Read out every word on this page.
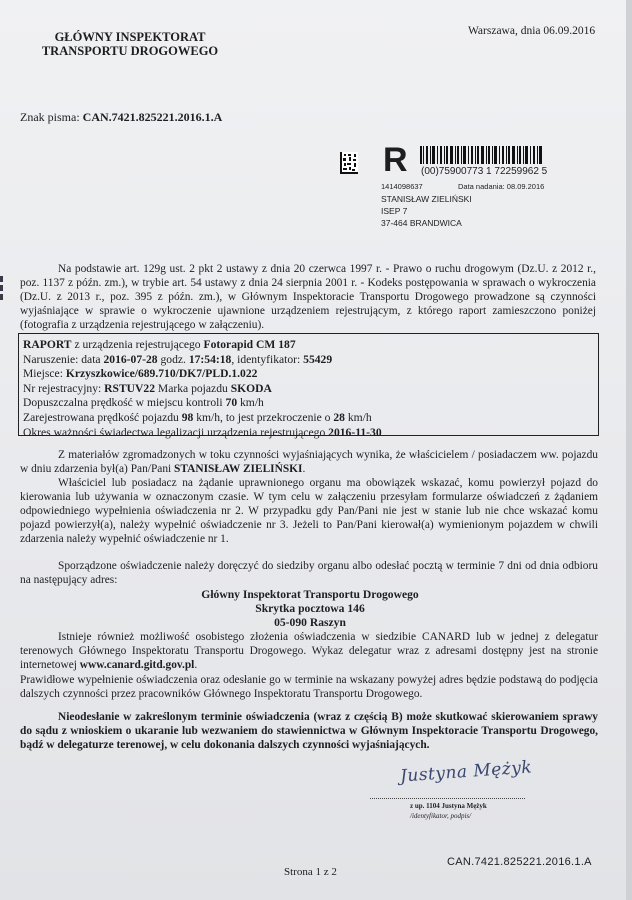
GŁÓWNY INSPEKTORAT
TRANSPORTU DROGOWEGO
Warszawa, dnia 06.09.2016
Znak pisma: CAN.7421.825221.2016.1.A
R (00)75900773 1 72259962 5
1414098637	Data nadania: 08.09.2016
STANISŁAW ZIELIŃSKI
ISEP 7
37-464 BRANDWICA
Na podstawie art. 129g ust. 2 pkt 2 ustawy z dnia 20 czerwca 1997 r. - Prawo o ruchu drogowym (Dz.U. z 2012 r., poz. 1137 z późn. zm.), w trybie art. 54 ustawy z dnia 24 sierpnia 2001 r. - Kodeks postępowania w sprawach o wykroczenia (Dz.U. z 2013 r., poz. 395 z późn. zm.), w Głównym Inspektoracie Transportu Drogowego prowadzone są czynności wyjaśniające w sprawie o wykroczenie ujawnione urządzeniem rejestrującym, z którego raport zamieszczono poniżej (fotografia z urządzenia rejestrującego w załączeniu).
RAPORT z urządzenia rejestrującego Fotorapid CM 187
Naruszenie: data 2016-07-28 godz. 17:54:18, identyfikator: 55429
Miejsce: Krzyszkowice/689.710/DK7/PLD.1.022
Nr rejestracyjny: RSTUV22 Marka pojazdu SKODA
Dopuszczalna prędkość w miejscu kontroli 70 km/h
Zarejestrowana prędkość pojazdu 98 km/h, to jest przekroczenie o 28 km/h
Okres ważności świadectwa legalizacji urządzenia rejestrującego 2016-11-30
Z materiałów zgromadzonych w toku czynności wyjaśniających wynika, że właścicielem / posiadaczem ww. pojazdu w dniu zdarzenia był(a) Pan/Pani STANISŁAW ZIELIŃSKI.
Właściciel lub posiadacz na żądanie uprawnionego organu ma obowiązek wskazać, komu powierzył pojazd do kierowania lub używania w oznaczonym czasie. W tym celu w załączeniu przesyłam formularze oświadczeń z żądaniem odpowiedniego wypełnienia oświadczenia nr 2. W przypadku gdy Pan/Pani nie jest w stanie lub nie chce wskazać komu pojazd powierzył(a), należy wypełnić oświadczenie nr 3. Jeżeli to Pan/Pani kierował(a) wymienionym pojazdem w chwili zdarzenia należy wypełnić oświadczenie nr 1.
Sporządzone oświadczenie należy doręczyć do siedziby organu albo odesłać pocztą w terminie 7 dni od dnia odbioru na następujący adres:
Główny Inspektorat Transportu Drogowego
Skrytka pocztowa 146
05-090 Raszyn
Istnieje również możliwość osobistego złożenia oświadczenia w siedzibie CANARD lub w jednej z delegatur terenowych Głównego Inspektoratu Transportu Drogowego. Wykaz delegatur wraz z adresami dostępny jest na stronie internetowej www.canard.gitd.gov.pl.
Prawidłowe wypełnienie oświadczenia oraz odesłanie go w terminie na wskazany powyżej adres będzie podstawą do podjęcia dalszych czynności przez pracowników Głównego Inspektoratu Transportu Drogowego.
Nieodesłanie w zakreślonym terminie oświadczenia (wraz z częścią B) może skutkować skierowaniem sprawy do sądu z wnioskiem o ukaranie lub wezwaniem do stawiennictwa w Głównym Inspektoracie Transportu Drogowego, bądź w delegaturze terenowej, w celu dokonania dalszych czynności wyjaśniających.
Justyna Mężyk
z up. 1104 Justyna Mężyk
/identyfikator, podpis/
Strona 1 z 2
CAN.7421.825221.2016.1.A
